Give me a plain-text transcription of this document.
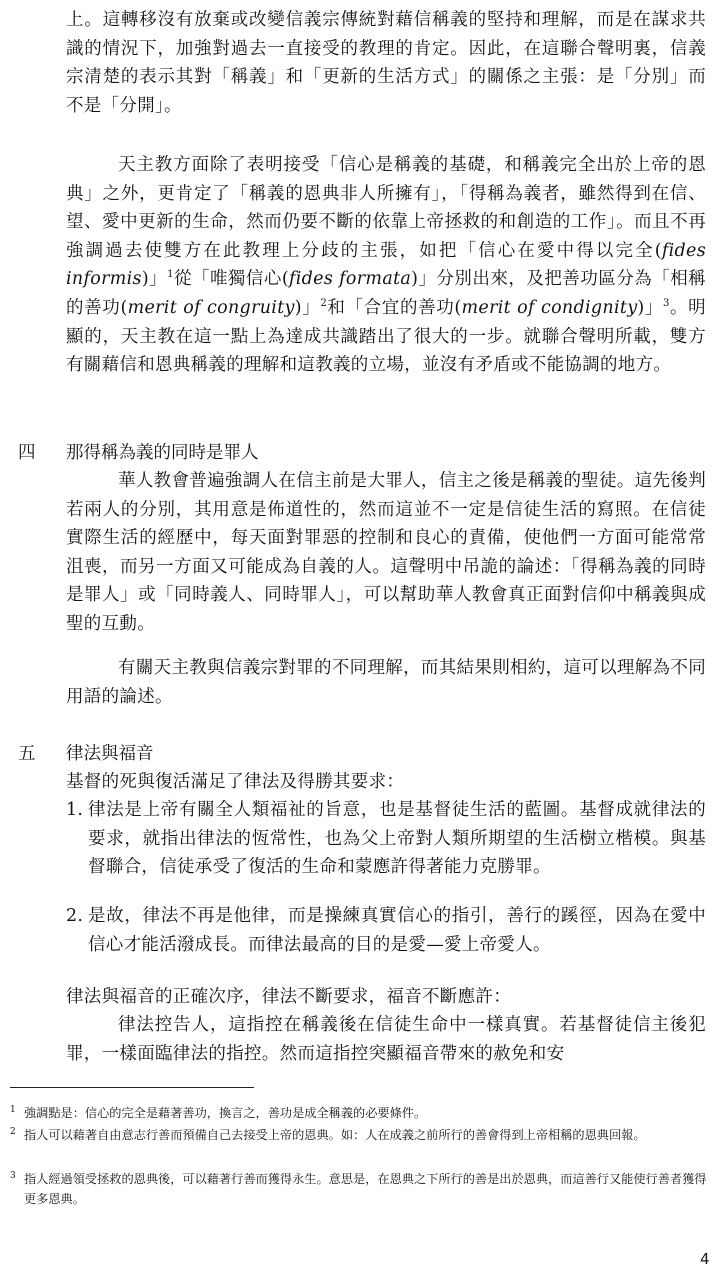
上。這轉移沒有放棄或改變信義宗傳統對藉信稱義的堅持和理解，而是在謀求共識的情況下，加強對過去一直接受的教理的肯定。因此，在這聯合聲明裏，信義宗清楚的表示其對「稱義」和「更新的生活方式」的關係之主張：是「分別」而不是「分開」。

天主教方面除了表明接受「信心是稱義的基礎，和稱義完全出於上帝的恩典」之外，更肯定了「稱義的恩典非人所擁有」，「得稱為義者，雖然得到在信、望、愛中更新的生命，然而仍要不斷的依靠上帝拯救的和創造的工作」。而且不再強調過去使雙方在此教理上分歧的主張，如把「信心在愛中得以完全(fides informis)」$^1$從「唯獨信心(fides formata)」分別出來，及把善功區分為「相稱的善功(merit of congruity)」$^2$和「合宜的善功(merit of condignity)」$^3$。明顯的，天主教在這一點上為達成共識踏出了很大的一步。就聯合聲明所載，雙方有關藉信和恩典稱義的理解和這教義的立場，並沒有矛盾或不能協調的地方。

四 那得稱為義的同時是罪人

華人教會普遍強調人在信主前是大罪人，信主之後是稱義的聖徒。這先後判若兩人的分別，其用意是佈道性的，然而這並不一定是信徒生活的寫照。在信徒實際生活的經歷中，每天面對罪惡的控制和良心的責備，使他們一方面可能常常沮喪，而另一方面又可能成為自義的人。這聲明中吊詭的論述：「得稱為義的同時是罪人」或「同時義人、同時罪人」，可以幫助華人教會真正面對信仰中稱義與成聖的互動。

有關天主教與信義宗對罪的不同理解，而其結果則相約，這可以理解為不同用語的論述。

五 律法與福音

基督的死與復活滿足了律法及得勝其要求：

1. 律法是上帝有關全人類福祉的旨意，也是基督徒生活的藍圖。基督成就律法的要求，就指出律法的恆常性，也為父上帝對人類所期望的生活樹立楷模。與基督聯合，信徒承受了復活的生命和蒙應許得著能力克勝罪。
2. 是故，律法不再是他律，而是操練真實信心的指引，善行的蹊徑，因為在愛中信心才能活潑成長。而律法最高的目的是愛—愛上帝愛人。

律法與福音的正確次序，律法不斷要求，福音不斷應許：

律法控告人，這指控在稱義後在信徒生命中一樣真實。若基督徒信主後犯罪，一樣面臨律法的指控。然而這指控突顯福音帶來的赦免和安

1 強調點是：信心的完全是藉著善功，換言之，善功是成全稱義的必要條件。
2 指人可以藉著自由意志行善而預備自己去接受上帝的恩典。如：人在成義之前所行的善會得到上帝相稱的恩典回報。
3 指人經過領受拯救的恩典後，可以藉著行善而獲得永生。意思是，在恩典之下所行的善是出於恩典，而這善行又能使行善者獲得更多恩典。
4
